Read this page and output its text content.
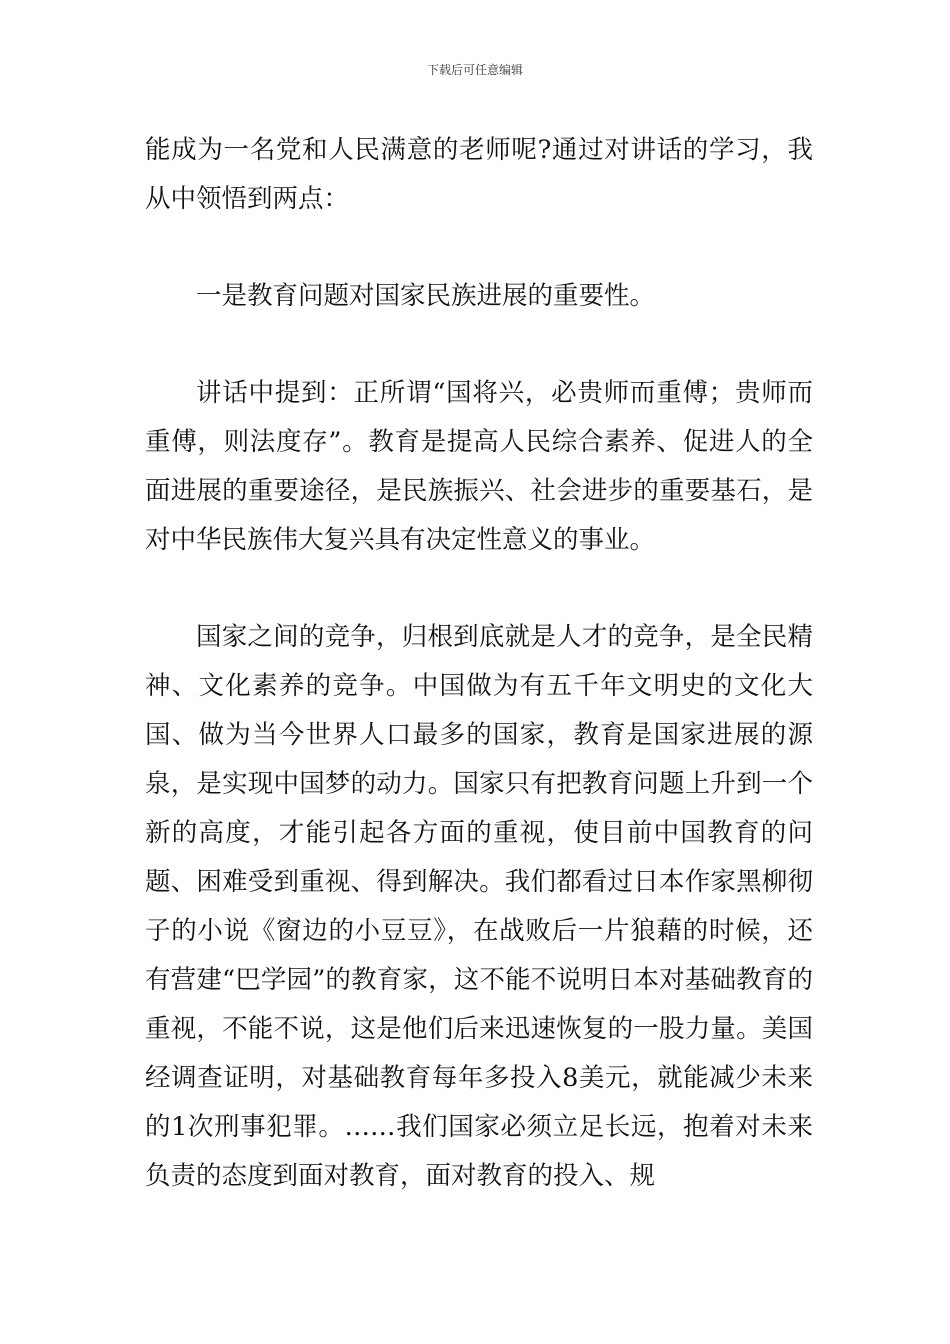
下载后可任意编辑

能成为一名党和人民满意的老师呢?通过对讲话的学习，我从中领悟到两点：

一是教育问题对国家民族进展的重要性。

讲话中提到：正所谓“国将兴，必贵师而重傅；贵师而重傅，则法度存”。教育是提高人民综合素养、促进人的全面进展的重要途径，是民族振兴、社会进步的重要基石，是对中华民族伟大复兴具有决定性意义的事业。

国家之间的竞争，归根到底就是人才的竞争，是全民精神、文化素养的竞争。中国做为有五千年文明史的文化大国、做为当今世界人口最多的国家，教育是国家进展的源泉，是实现中国梦的动力。国家只有把教育问题上升到一个新的高度，才能引起各方面的重视，使目前中国教育的问题、困难受到重视、得到解决。我们都看过日本作家黑柳彻子的小说《窗边的小豆豆》，在战败后一片狼藉的时候，还有营建“巴学园”的教育家，这不能不说明日本对基础教育的重视，不能不说，这是他们后来迅速恢复的一股力量。美国经调查证明，对基础教育每年多投入8美元，就能减少未来的1次刑事犯罪。……我们国家必须立足长远，抱着对未来负责的态度到面对教育，面对教育的投入、规
